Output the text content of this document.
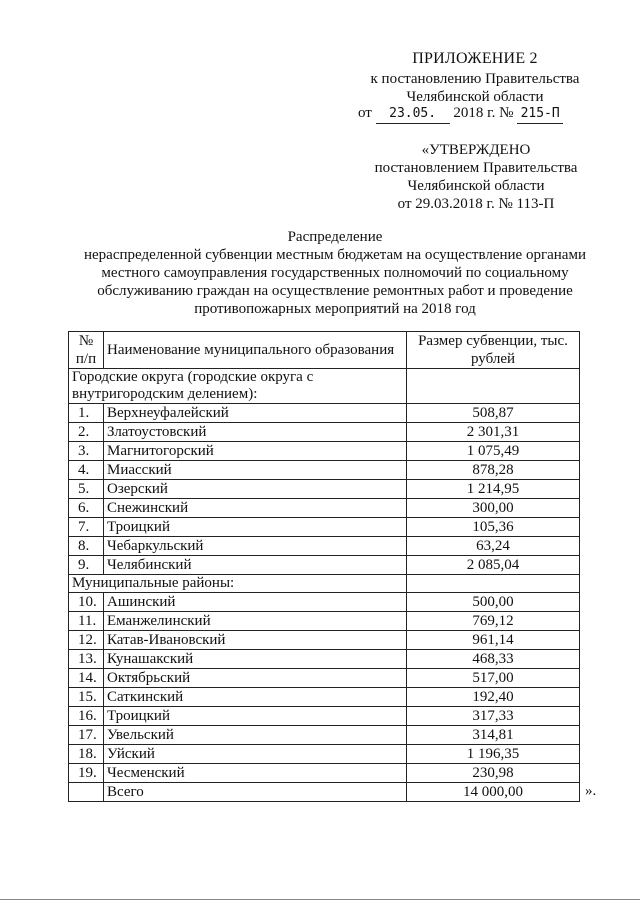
ПРИЛОЖЕНИЕ 2
к постановлению Правительства
Челябинской области
от 23.05. 2018 г. № 215-П
«УТВЕРЖДЕНО
постановлением Правительства
Челябинской области
от 29.03.2018 г. № 113-П
Распределение
нераспределенной субвенции местным бюджетам на осуществление органами
местного самоуправления государственных полномочий по социальному
обслуживанию граждан на осуществление ремонтных работ и проведение
противопожарных мероприятий на 2018 год
№
п/п	Наименование муниципального образования	Размер субвенции, тыс.
рублей

Городские округа (городские округа с внутригородским делением):		
1.	Верхнеуфалейский	508,87
2.	Златоустовский	2 301,31
3.	Магнитогорский	1 075,49
4.	Миасский	878,28
5.	Озерский	1 214,95
6.	Снежинский	300,00
7.	Троицкий	105,36
8.	Чебаркульский	63,24
9.	Челябинский	2 085,04
Муниципальные районы:		
10.	Ашинский	500,00
11.	Еманжелинский	769,12
12.	Катав-Ивановский	961,14
13.	Кунашакский	468,33
14.	Октябрьский	517,00
15.	Саткинский	192,40
16.	Троицкий	317,33
17.	Увельский	314,81
18.	Уйский	1 196,35
19.	Чесменский	230,98
	Всего	14 000,00	».
